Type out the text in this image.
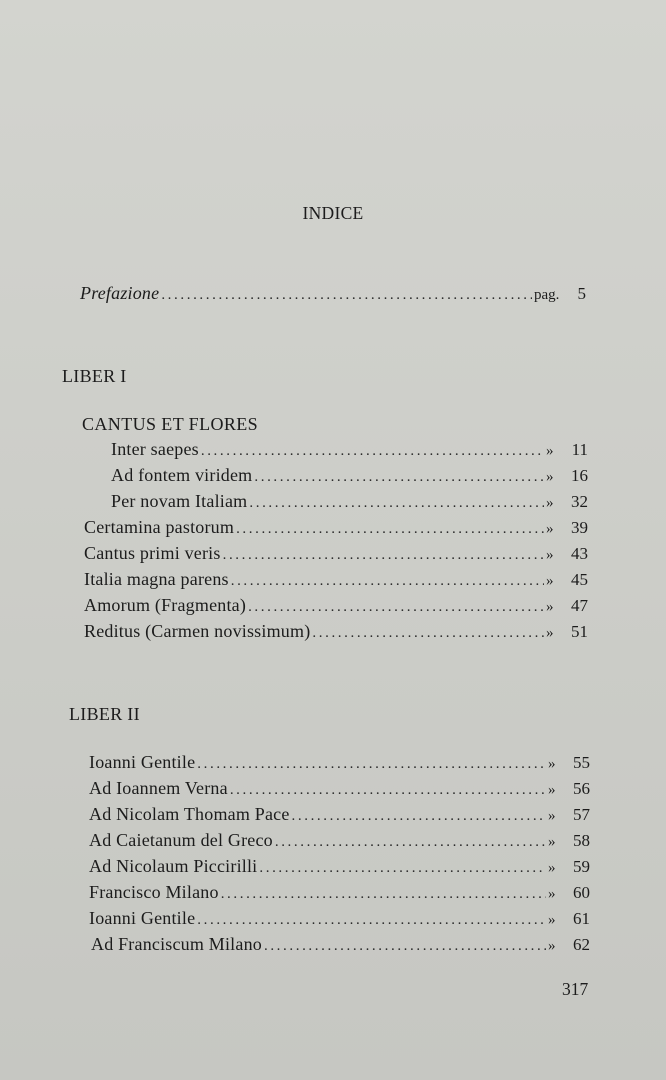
INDICE
Prefazione .....	pag.	5
LIBER I
CANTUS ET FLORES
Inter saepes .....	»	11
Ad fontem viridem .....	»	16
Per novam Italiam .....	»	32
Certamina pastorum .....	»	39
Cantus primi veris .....	»	43
Italia magna parens .....	»	45
Amorum (Fragmenta) .....	»	47
Reditus (Carmen novissimum) .....	»	51
LIBER II
Ioanni Gentile .....	»	55
Ad Ioannem Verna .....	»	56
Ad Nicolam Thomam Pace .....	»	57
Ad Caietanum del Greco .....	»	58
Ad Nicolaum Piccirilli .....	»	59
Francisco Milano .....	»	60
Ioanni Gentile .....	»	61
Ad Franciscum Milano .....	»	62
317
